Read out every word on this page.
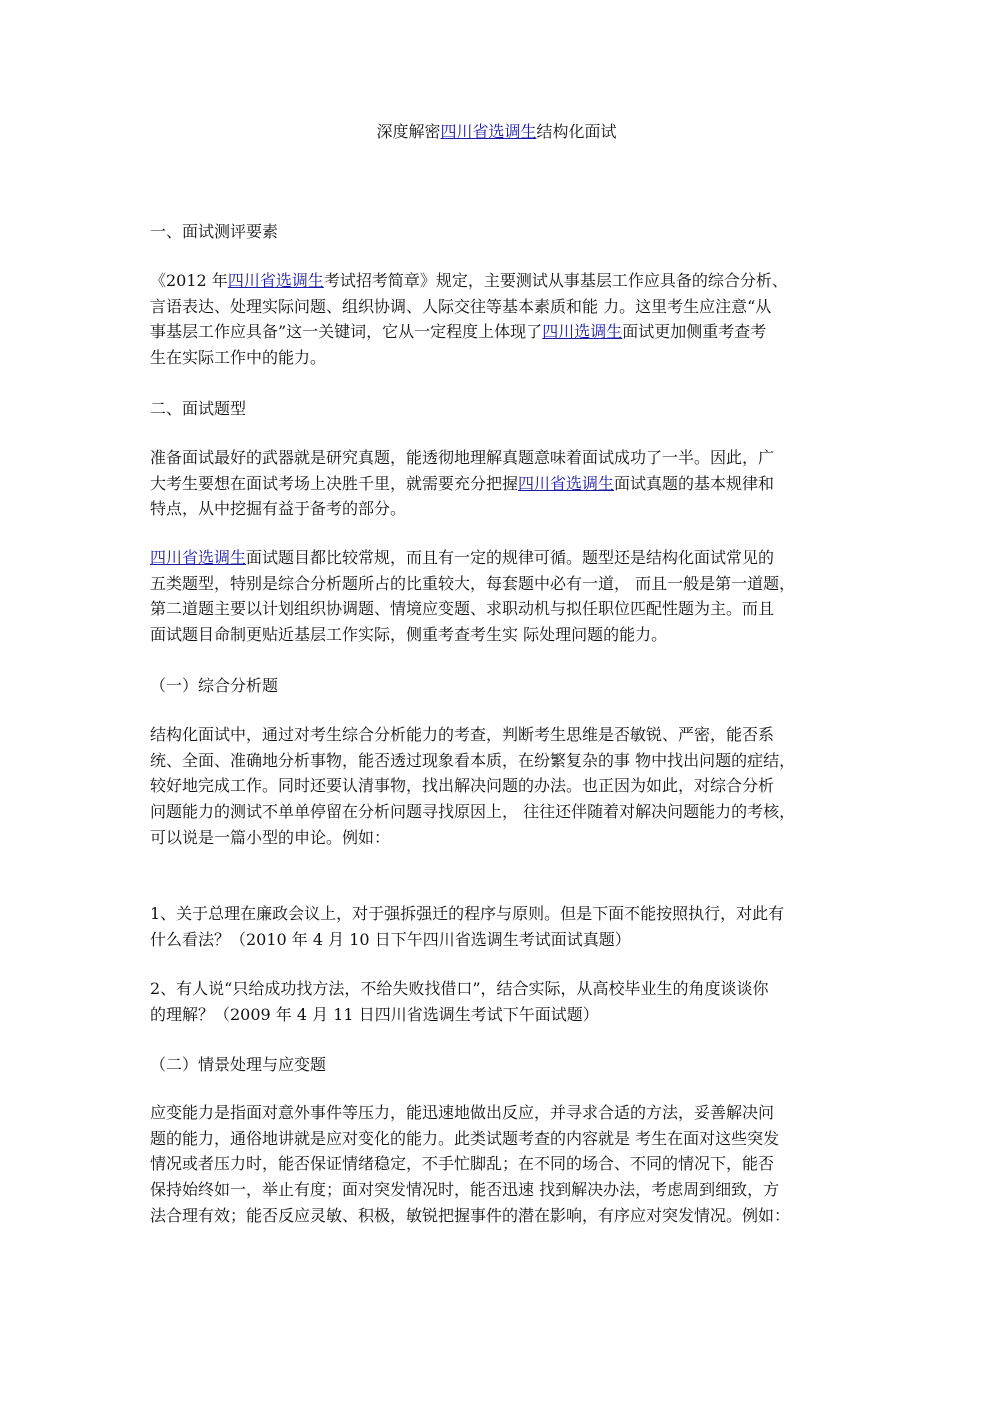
深度解密四川省选调生结构化面试
一、面试测评要素
《2012 年四川省选调生考试招考简章》规定，主要测试从事基层工作应具备的综合分析、
言语表达、处理实际问题、组织协调、人际交往等基本素质和能 力。这里考生应注意“从
事基层工作应具备”这一关键词，它从一定程度上体现了四川选调生面试更加侧重考查考
生在实际工作中的能力。
二、面试题型
准备面试最好的武器就是研究真题，能透彻地理解真题意味着面试成功了一半。因此，广
大考生要想在面试考场上决胜千里，就需要充分把握四川省选调生面试真题的基本规律和
特点，从中挖掘有益于备考的部分。
四川省选调生面试题目都比较常规，而且有一定的规律可循。题型还是结构化面试常见的
五类题型，特别是综合分析题所占的比重较大，每套题中必有一道， 而且一般是第一道题，
第二道题主要以计划组织协调题、情境应变题、求职动机与拟任职位匹配性题为主。而且
面试题目命制更贴近基层工作实际，侧重考查考生实 际处理问题的能力。
（一）综合分析题
结构化面试中，通过对考生综合分析能力的考查，判断考生思维是否敏锐、严密，能否系
统、全面、准确地分析事物，能否透过现象看本质，在纷繁复杂的事 物中找出问题的症结，
较好地完成工作。同时还要认清事物，找出解决问题的办法。也正因为如此，对综合分析
问题能力的测试不单单停留在分析问题寻找原因上， 往往还伴随着对解决问题能力的考核，
可以说是一篇小型的申论。例如：
1、关于总理在廉政会议上，对于强拆强迁的程序与原则。但是下面不能按照执行，对此有
什么看法？（2010 年 4 月 10 日下午四川省选调生考试面试真题）
2、有人说“只给成功找方法，不给失败找借口”，结合实际，从高校毕业生的角度谈谈你
的理解？（2009 年 4 月 11 日四川省选调生考试下午面试题）
（二）情景处理与应变题
应变能力是指面对意外事件等压力，能迅速地做出反应，并寻求合适的方法，妥善解决问
题的能力，通俗地讲就是应对变化的能力。此类试题考查的内容就是 考生在面对这些突发
情况或者压力时，能否保证情绪稳定，不手忙脚乱；在不同的场合、不同的情况下，能否
保持始终如一，举止有度；面对突发情况时，能否迅速 找到解决办法，考虑周到细致，方
法合理有效；能否反应灵敏、积极，敏锐把握事件的潜在影响，有序应对突发情况。例如：
